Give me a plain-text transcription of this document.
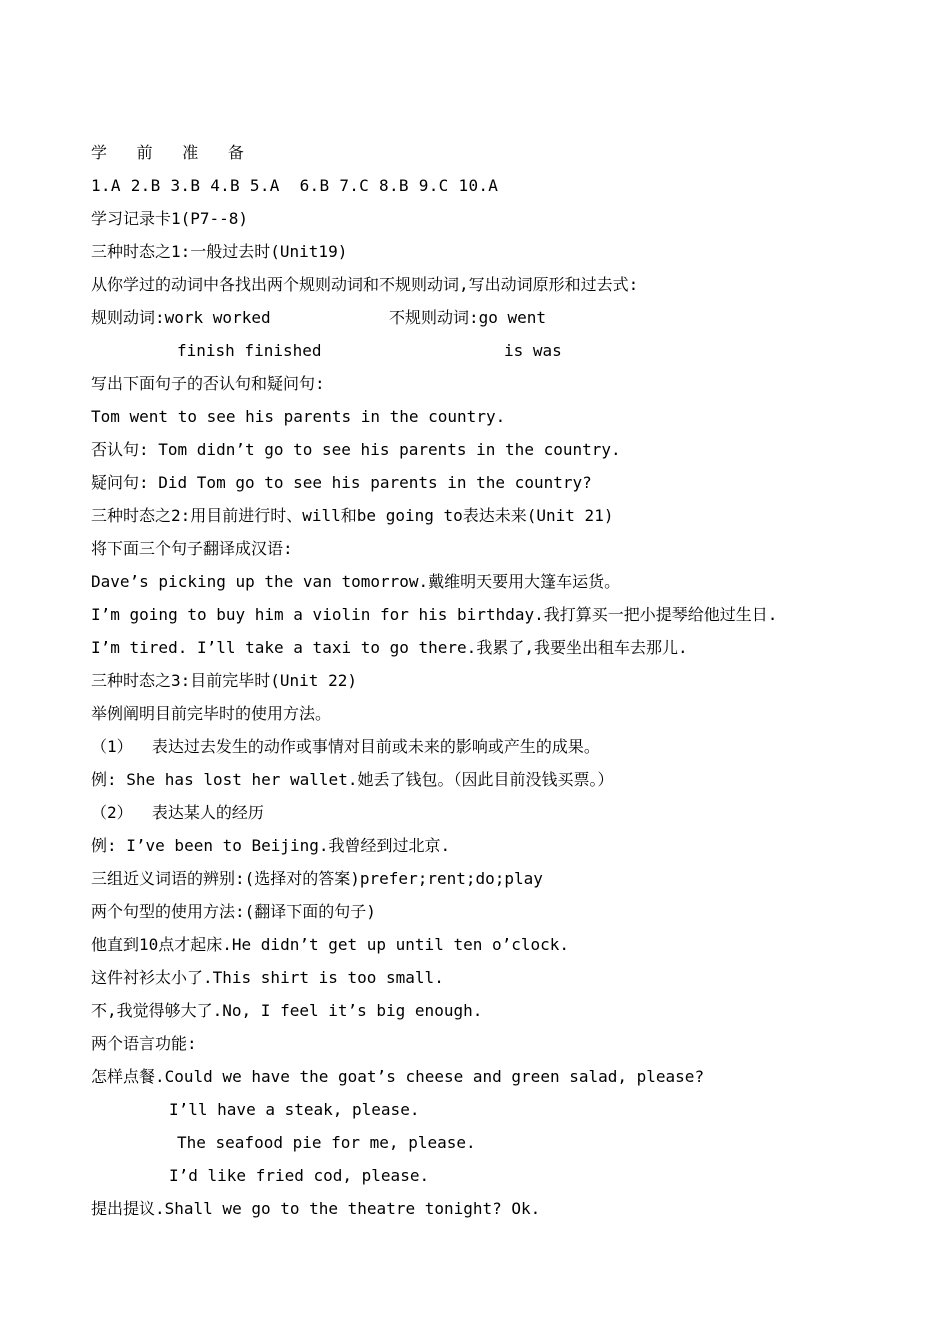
学 前 准 备
1.A 2.B 3.B 4.B 5.A  6.B 7.C 8.B 9.C 10.A
学习记录卡1(P7--8)
三种时态之1:一般过去时(Unit19)
从你学过的动词中各找出两个规则动词和不规则动词,写出动词原形和过去式:
规则动词:work worked	不规则动词:go went
finish finished	is was
写出下面句子的否认句和疑问句:
Tom went to see his parents in the country.
否认句: Tom didn’t go to see his parents in the country.
疑问句: Did Tom go to see his parents in the country?
三种时态之2:用目前进行时、will和be going to表达未来(Unit 21)
将下面三个句子翻译成汉语:
Dave’s picking up the van tomorrow.戴维明天要用大篷车运货。
I’m going to buy him a violin for his birthday.我打算买一把小提琴给他过生日.
I’m tired. I’ll take a taxi to go there.我累了,我要坐出租车去那儿.
三种时态之3:目前完毕时(Unit 22)
举例阐明目前完毕时的使用方法。
（1）  表达过去发生的动作或事情对目前或未来的影响或产生的成果。
例: She has lost her wallet.她丢了钱包。（因此目前没钱买票。）
（2）  表达某人的经历
例: I’ve been to Beijing.我曾经到过北京.
三组近义词语的辨别:(选择对的答案)prefer;rent;do;play
两个句型的使用方法:(翻译下面的句子)
他直到10点才起床.He didn’t get up until ten o’clock.
这件衬衫太小了.This shirt is too small.
不,我觉得够大了.No, I feel it’s big enough.
两个语言功能:
怎样点餐.Could we have the goat’s cheese and green salad, please?
I’ll have a steak, please.
The seafood pie for me, please.
I’d like fried cod, please.
提出提议.Shall we go to the theatre tonight? Ok.
